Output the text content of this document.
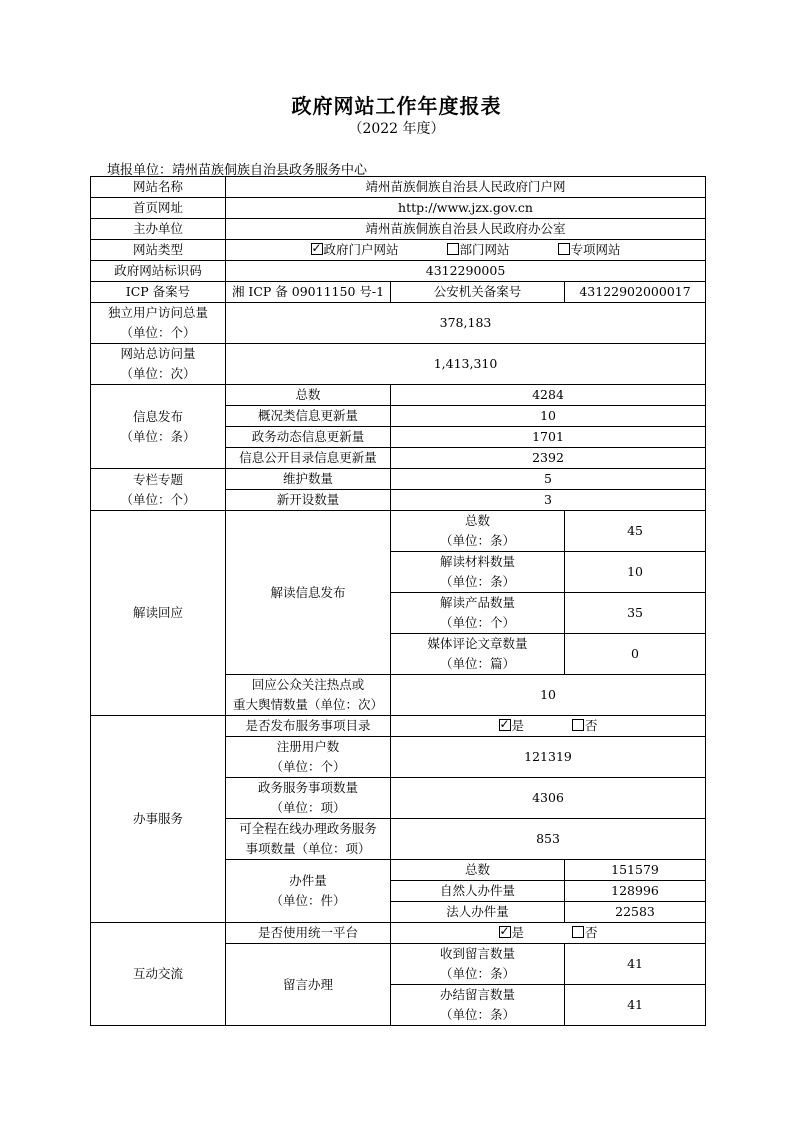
政府网站工作年度报表
（2022 年度）
填报单位：靖州苗族侗族自治县政务服务中心
网站名称	靖州苗族侗族自治县人民政府门户网		
首页网址	http://www.jzx.gov.cn		
主办单位	靖州苗族侗族自治县人民政府办公室		
网站类型	✓政府门户网站 部门网站 专项网站
政府网站标识码	4312290005		
ICP 备案号	湘 ICP 备 09011150 号-1	公安机关备案号	43122902000017

独立用户访问总量
（单位：个）	378,183		

网站总访问量
（单位：次）	1,413,310		

信息发布
（单位：条）	总数	4284	
	概况类信息更新量	10	
	政务动态信息更新量	1701	
	信息公开目录信息更新量	2392	

专栏专题
（单位：个）	维护数量	5	
	新开设数量	3	
解读回应	解读信息发布	总数
（单位：条）	45

		解读材料数量
（单位：条）	10

		解读产品数量
（单位：个）	35

		媒体评论文章数量
（单位：篇）	0

	回应公众关注热点或
重大舆情数量（单位：次）	10	
办事服务	是否发布服务事项目录	✓是 否

	注册用户数
（单位：个）	121319	

	政务服务事项数量
（单位：项）	4306	

	可全程在线办理政务服务
事项数量（单位：项）	853	

	办件量
（单位：件）	总数	151579
		自然人办件量	128996
		法人办件量	22583
互动交流	是否使用统一平台	✓是 否
	留言办理	收到留言数量
（单位：条）	41

		办结留言数量
（单位：条）	41
